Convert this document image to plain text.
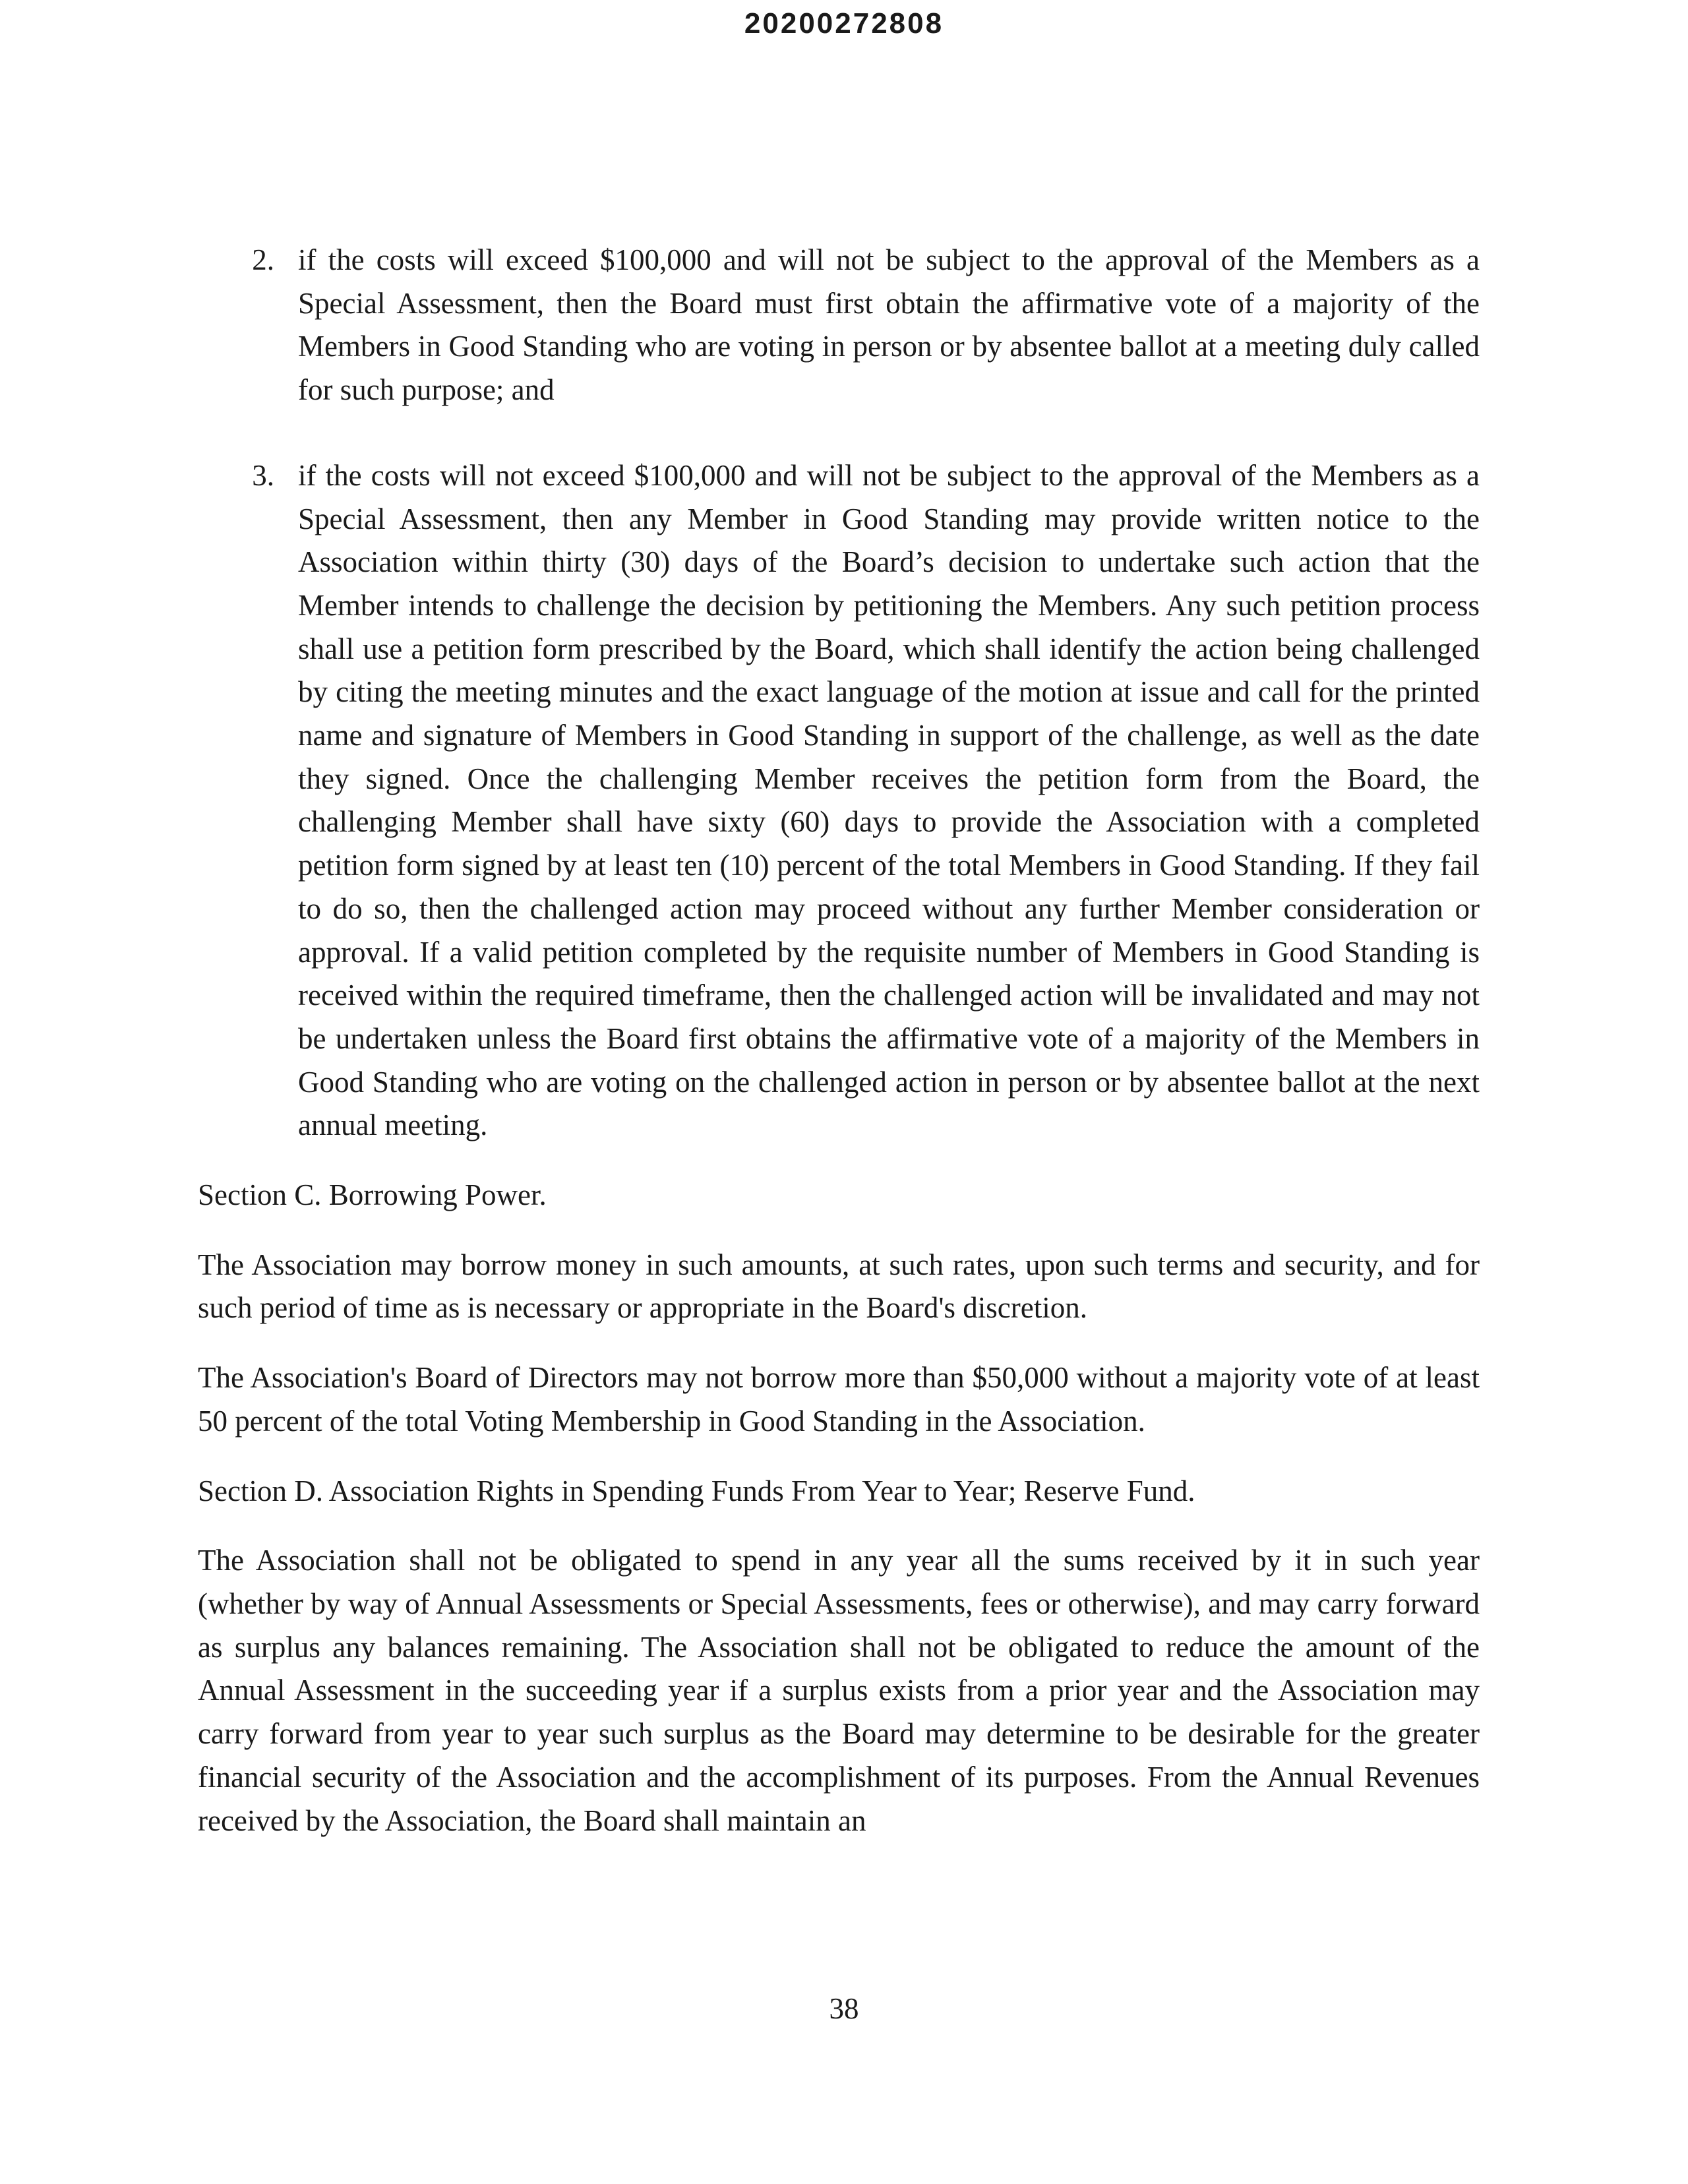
20200272808
2. if the costs will exceed $100,000 and will not be subject to the approval of the Members as a Special Assessment, then the Board must first obtain the affirmative vote of a majority of the Members in Good Standing who are voting in person or by absentee ballot at a meeting duly called for such purpose; and

3. if the costs will not exceed $100,000 and will not be subject to the approval of the Members as a Special Assessment, then any Member in Good Standing may provide written notice to the Association within thirty (30) days of the Board’s decision to undertake such action that the Member intends to challenge the decision by petitioning the Members. Any such petition process shall use a petition form prescribed by the Board, which shall identify the action being challenged by citing the meeting minutes and the exact language of the motion at issue and call for the printed name and signature of Members in Good Standing in support of the challenge, as well as the date they signed. Once the challenging Member receives the petition form from the Board, the challenging Member shall have sixty (60) days to provide the Association with a completed petition form signed by at least ten (10) percent of the total Members in Good Standing. If they fail to do so, then the challenged action may proceed without any further Member consideration or approval. If a valid petition completed by the requisite number of Members in Good Standing is received within the required timeframe, then the challenged action will be invalidated and may not be undertaken unless the Board first obtains the affirmative vote of a majority of the Members in Good Standing who are voting on the challenged action in person or by absentee ballot at the next annual meeting.

Section C. Borrowing Power.

The Association may borrow money in such amounts, at such rates, upon such terms and security, and for such period of time as is necessary or appropriate in the Board's discretion.

The Association's Board of Directors may not borrow more than $50,000 without a majority vote of at least 50 percent of the total Voting Membership in Good Standing in the Association.

Section D. Association Rights in Spending Funds From Year to Year; Reserve Fund.

The Association shall not be obligated to spend in any year all the sums received by it in such year (whether by way of Annual Assessments or Special Assessments, fees or otherwise), and may carry forward as surplus any balances remaining. The Association shall not be obligated to reduce the amount of the Annual Assessment in the succeeding year if a surplus exists from a prior year and the Association may carry forward from year to year such surplus as the Board may determine to be desirable for the greater financial security of the Association and the accomplishment of its purposes. From the Annual Revenues received by the Association, the Board shall maintain an

38
